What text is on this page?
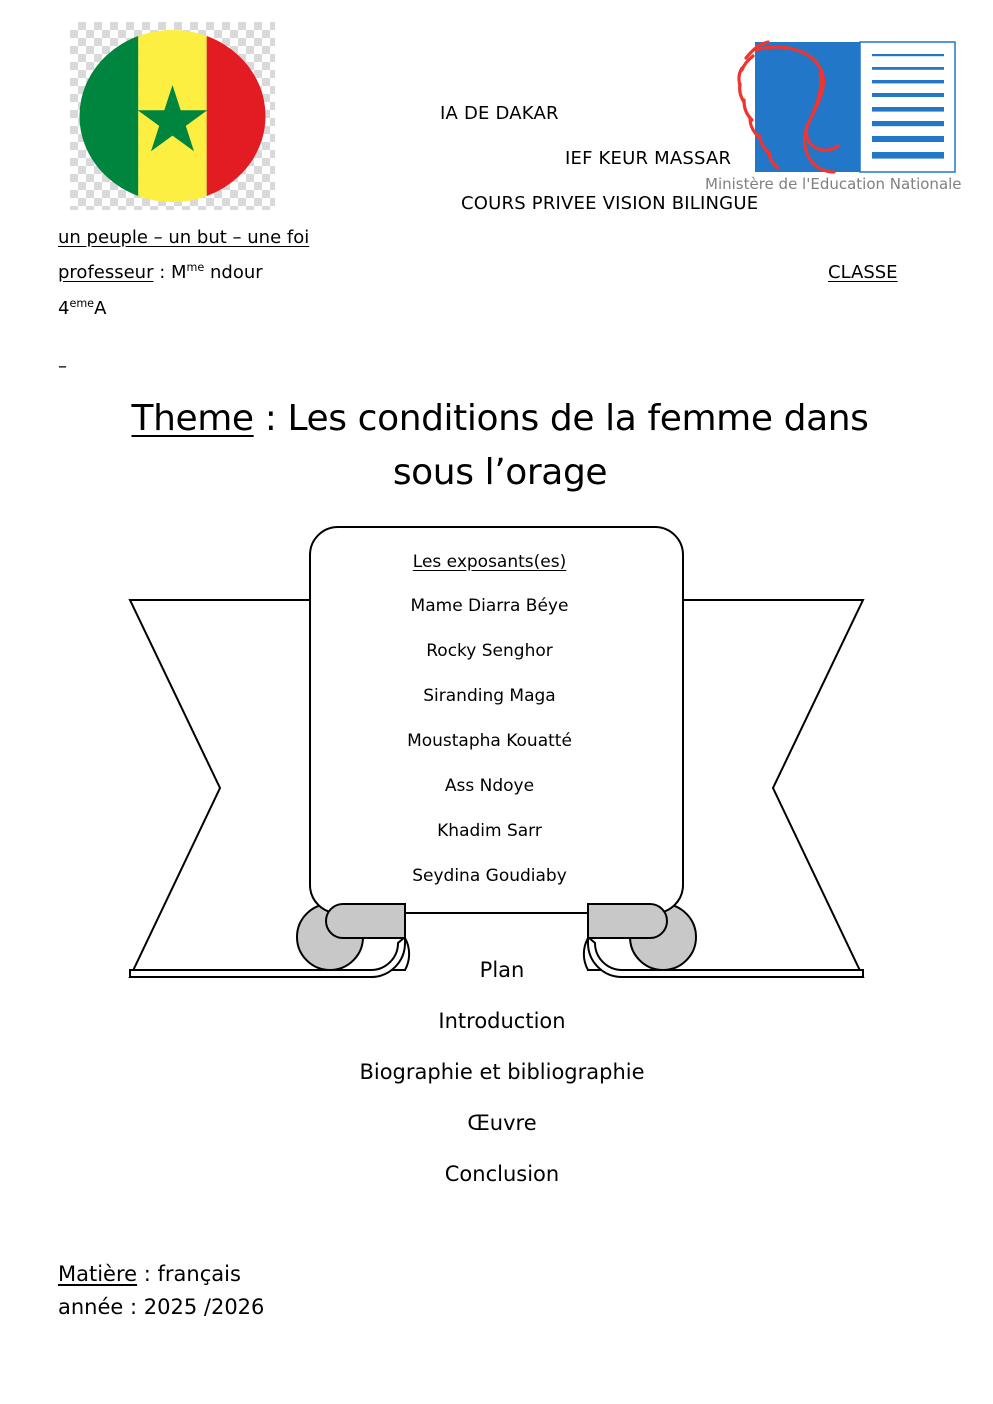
Ministère de l'Education Nationale
IA DE DAKAR
IEF KEUR MASSAR
COURS PRIVEE VISION BILINGUE
un peuple – un but – une foi
professeur : $M^{me}$ ndour	CLASSE
4emeA
–
Theme : Les conditions de la femme dans
sous l’orage
Les exposants(es)
Mame Diarra Béye
Rocky Senghor
Siranding Maga
Moustapha Kouatté
Ass Ndoye
Khadim Sarr
Seydina Goudiaby
Plan
Introduction
Biographie et bibliographie
Œuvre
Conclusion
Matière : français
année : 2025 /2026
